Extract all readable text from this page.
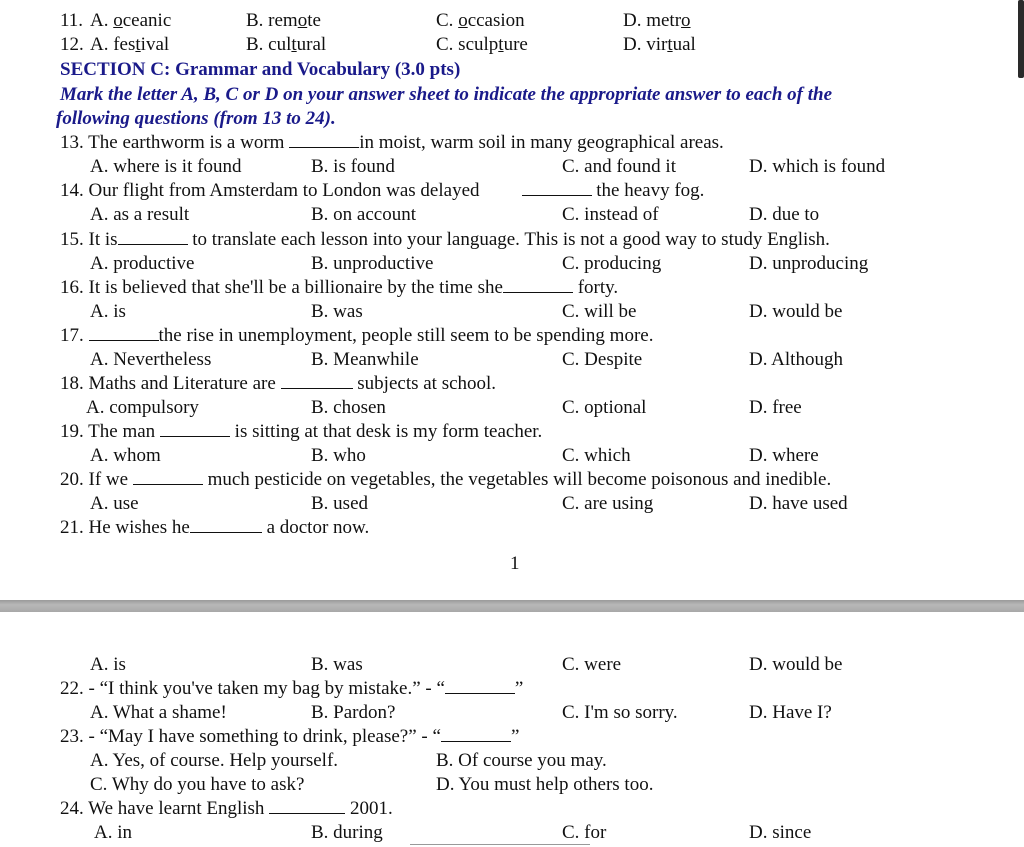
11. A. oceanic	B. remote	C. occasion	D. metro
12. A. festival	B. cultural	C. sculpture	D. virtual
SECTION C: Grammar and Vocabulary (3.0 pts)
Mark the letter A, B, C or D on your answer sheet to indicate the appropriate answer to each of the
following questions (from 13 to 24).
13. The earthworm is a worm	in moist, warm soil in many geographical areas.
A. where is it found	B. is found	C. and found it	D. which is found
14. Our flight from Amsterdam to London was delayed	the heavy fog.
A. as a result	B. on account	C. instead of	D. due to
15. It is	to translate each lesson into your language. This is not a good way to study English.
A. productive	B. unproductive	C. producing	D. unproducing
16. It is believed that she'll be a billionaire by the time she	forty.
A. is	B. was	C. will be	D. would be
17.	the rise in unemployment, people still seem to be spending more.
A. Nevertheless	B. Meanwhile	C. Despite	D. Although
18. Maths and Literature are	subjects at school.
A. compulsory	B. chosen	C. optional	D. free
19. The man	is sitting at that desk is my form teacher.
A. whom	B. who	C. which	D. where
20. If we	much pesticide on vegetables, the vegetables will become poisonous and inedible.
A. use	B. used	C. are using	D. have used
21. He wishes he	a doctor now.
1
A. is	B. was	C. were	D. would be
22. - “I think you've taken my bag by mistake.” - “	”
A. What a shame!	B. Pardon?	C. I'm so sorry.	D. Have I?
23. - “May I have something to drink, please?” - “	”
A. Yes, of course. Help yourself.	B. Of course you may.
C. Why do you have to ask?	D. You must help others too.
24. We have learnt English	2001.
A. in	B. during	C. for	D. since
